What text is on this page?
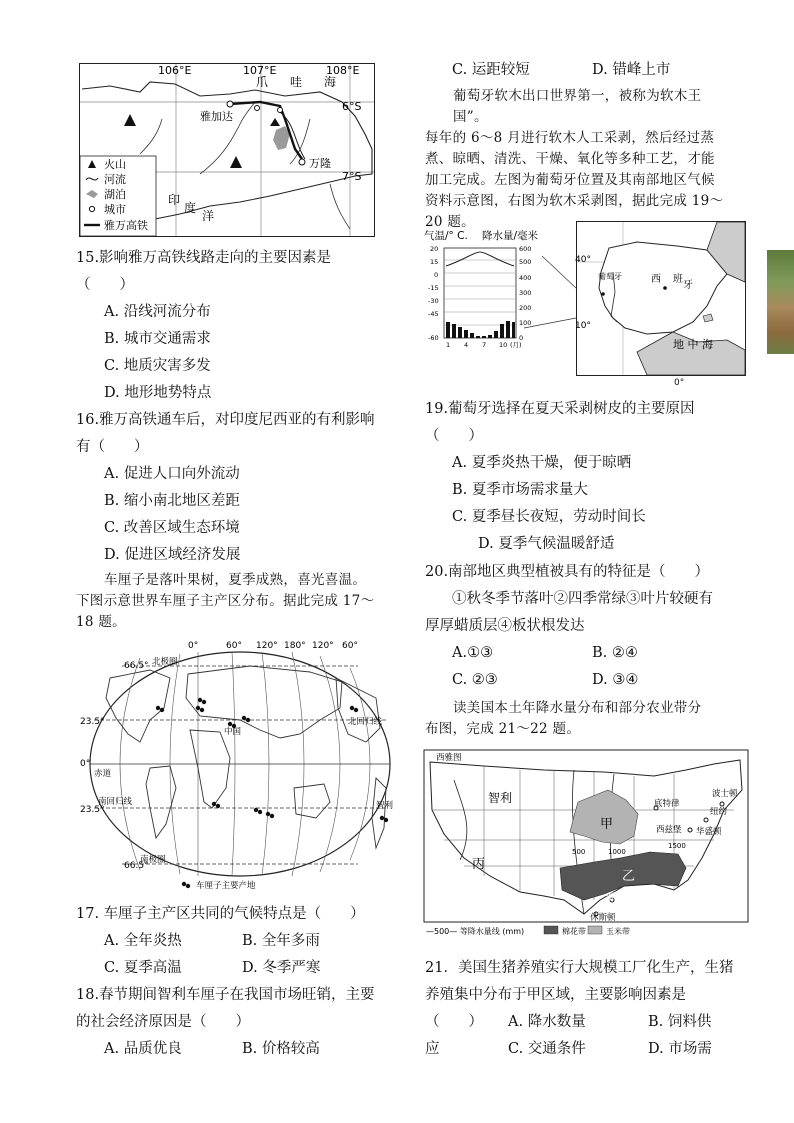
106°E	107°E	108°E
6°S
7°S
爪 哇 海
雅加达
万隆
印
度
洋
火山
河流
湖泊
城市
雅万高铁
15.影响雅万高铁线路走向的主要因素是
（　　）
A. 沿线河流分布
B. 城市交通需求
C. 地质灾害多发
D. 地形地势特点
16.雅万高铁通车后，对印度尼西亚的有利影响
有（　　）
A. 促进人口向外流动
B. 缩小南北地区差距
C. 改善区域生态环境
D. 促进区域经济发展
车厘子是落叶果树，夏季成熟，喜光喜温。
下图示意世界车厘子主产区分布。据此完成 17～
18 题。
0°	60° 120° 180° 120° 60°
66.5°
23.5°
0°
23.5°
66.5°
北极圈
北回归线
赤道
南回归线
南极圈
中国
智利
车厘子主要产地
17. 车厘子主产区共同的气候特点是（　　）
A. 全年炎热	B. 全年多雨
C. 夏季高温	D. 冬季严寒
18.春节期间智利车厘子在我国市场旺销，主要
的社会经济原因是（　　）
A. 品质优良	B. 价格较高
C. 运距较短	D. 错峰上市
葡萄牙软木出口世界第一，被称为软木王国”。
每年的 6～8 月进行软木人工采剥，然后经过蒸
煮、晾晒、清洗、干燥、氧化等多种工艺，才能
加工完成。左图为葡萄牙位置及其南部地区气候
资料示意图，右图为软木采剥图，据此完成 19～
20 题。
气温/° C. 降水量/毫米
20
15
0
-15
-30
-45
-60
600
500
400
300
200
100
0
1 4 7 10 (月)
西 班
牙
地 中 海
40°
10°
0°
葡萄牙
19.葡萄牙选择在夏天采剥树皮的主要原因
（　　）
A. 夏季炎热干燥，便于晾晒
B. 夏季市场需求量大
C. 夏季昼长夜短，劳动时间长
D. 夏季气候温暖舒适
20.南部地区典型植被具有的特征是（　　）
①秋冬季节落叶②四季常绿③叶片较硬有
厚厚蜡质层④板状根发达
A.①③	B. ②④
C. ②③	D. ③④
读美国本土年降水量分布和部分农业带分
布图，完成 21～22 题。
西雅图
智利
甲
乙
丙
波士顿
纽约
底特律
华盛顿
西兹堡
新奥尔良
休斯顿
500	1000
1500
—500— 等降水量线 (mm)	棉花带	玉米带
21．美国生猪养殖实行大规模工厂化生产，生猪
养殖集中分布于甲区域，主要影响因素是
（　　） A. 降水数量	B. 饲料供
应	C. 交通条件	D. 市场需
